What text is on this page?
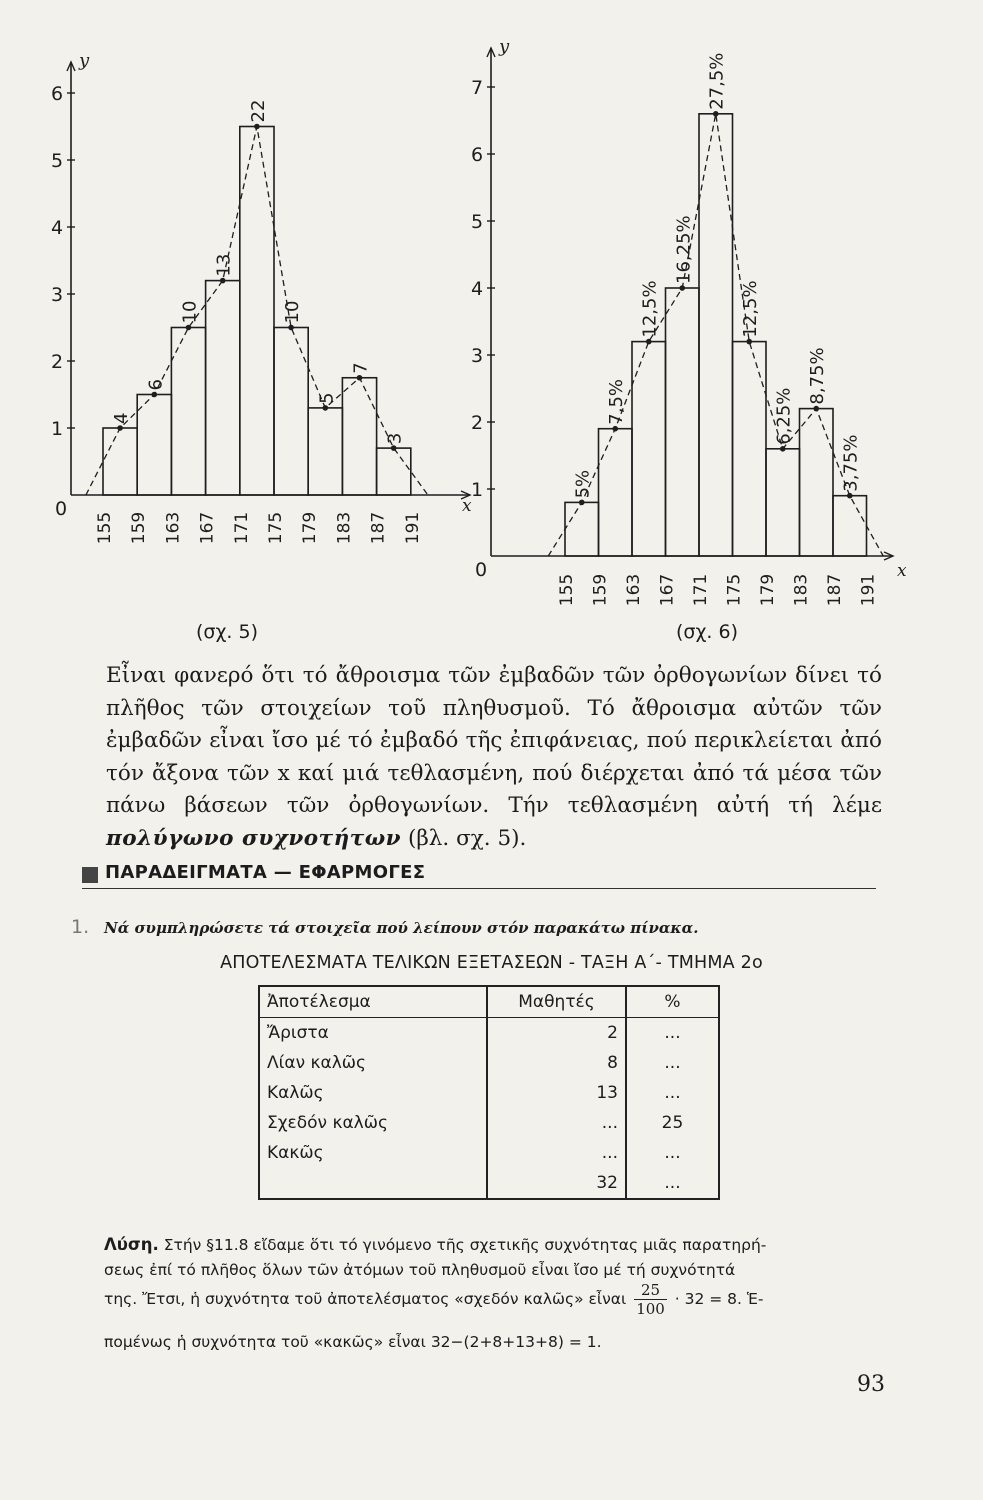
y
x
0
1
2
3
4
5
6
4
6
10
13
22
10
5
7
3
155 159 163 167 171 175 179 183 187 191
y
x
0
1
2
3
4
5
6
7
5%
7,5%
12,5%
16,25%
27,5%
12,5%
6,25%
8,75%
3,75%
155 159 163 167 171 175 179 183 187 191
(σχ. 5)	(σχ. 6)

Εἶναι φανερό ὅτι τό ἄθροισμα τῶν ἐμβαδῶν τῶν ὀρθογωνίων δίνει τό πλῆθος τῶν στοιχείων τοῦ πληθυσμοῦ. Τό ἄθροισμα αὐτῶν τῶν ἐμβαδῶν εἶναι ἴσο μέ τό ἐμβαδό τῆς ἐπιφάνειας, πού περικλείεται ἀπό τόν ἄξονα τῶν x καί μιά τεθλασμένη, πού διέρχεται ἀπό τά μέσα τῶν πάνω βάσεων τῶν ὀρθογωνίων. Τήν τεθλασμένη αὐτή τή λέμε πολύγωνο συχνοτήτων (βλ. σχ. 5).

ΠΑΡΑΔΕΙΓΜΑΤΑ — ΕΦΑΡΜΟΓΕΣ
1. Νά συμπληρώσετε τά στοιχεῖα πού λείπουν στόν παρακάτω πίνακα.
ΑΠΟΤΕΛΕΣΜΑΤΑ ΤΕΛΙΚΩΝ ΕΞΕΤΑΣΕΩΝ - ΤΑΞΗ Α΄- ΤΜΗΜΑ 2ο
Ἀποτέλεσμα	Μαθητές	%
Ἄριστα	2	...
Λίαν καλῶς	8	...
Καλῶς	13	...
Σχεδόν καλῶς	...	25
Κακῶς	...	...
	32	...
Λύση. Στήν §11.8 εἴδαμε ὅτι τό γινόμενο τῆς σχετικῆς συχνότητας μιᾶς παρατηρή-
σεως ἐπί τό πλῆθος ὅλων τῶν ἀτόμων τοῦ πληθυσμοῦ εἶναι ἴσο μέ τή συχνότητά
της. Ἔτσι, ἡ συχνότητα τοῦ ἀποτελέσματος «σχεδόν καλῶς» εἶναι $\frac{25}{100} \cdot 32 = 8$. Ἑ-
πομένως ἡ συχνότητα τοῦ «κακῶς» εἶναι 32−(2+8+13+8) = 1.
93
